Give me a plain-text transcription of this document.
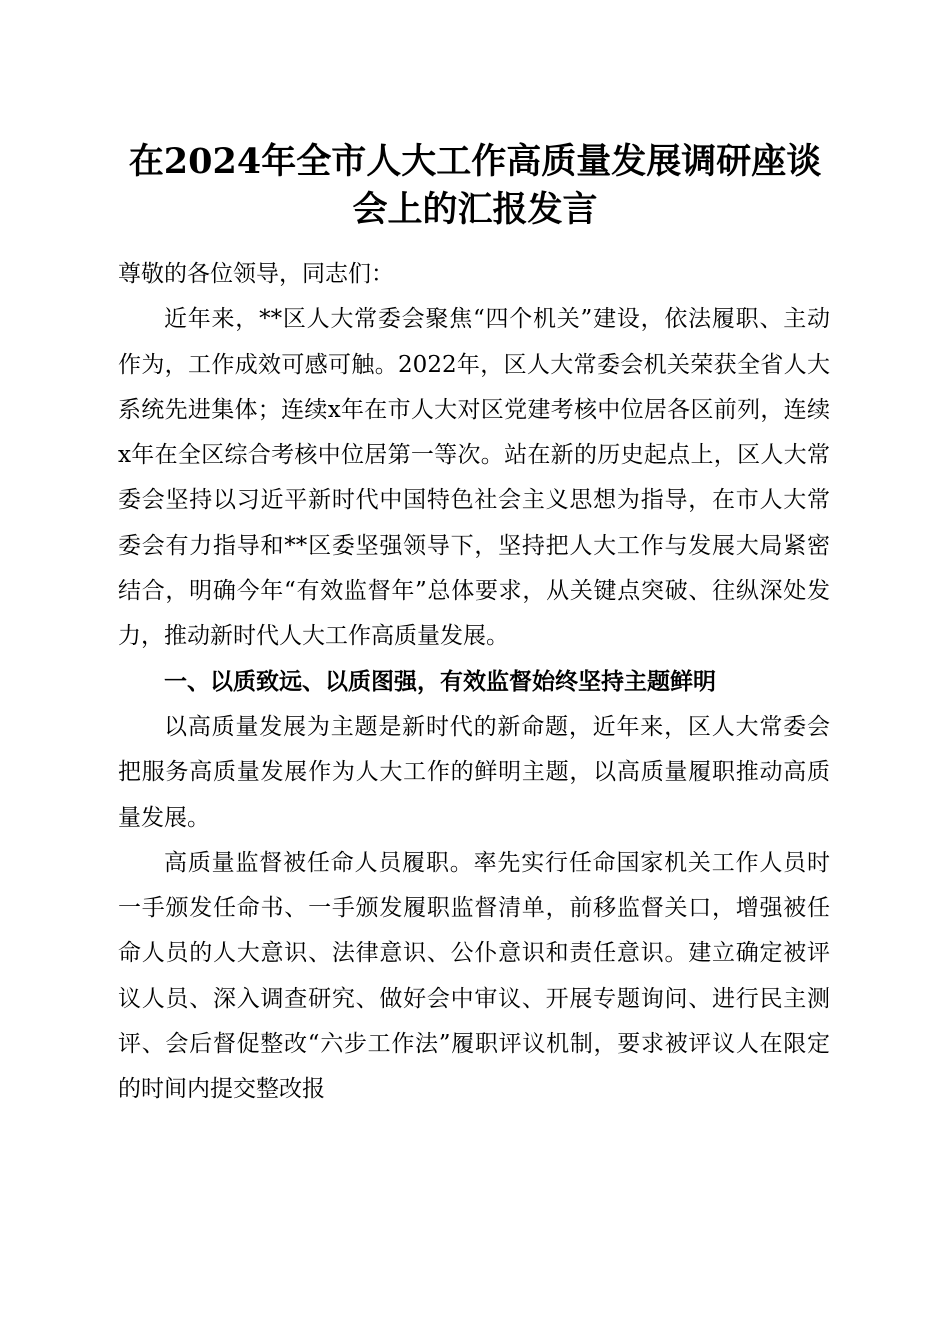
在2024年全市人大工作高质量发展调研座谈
会上的汇报发言

尊敬的各位领导，同志们：

近年来，**区人大常委会聚焦“四个机关”建设，依法履职、主动作为，工作成效可感可触。2022年，区人大常委会机关荣获全省人大系统先进集体；连续x年在市人大对区党建考核中位居各区前列，连续x年在全区综合考核中位居第一等次。站在新的历史起点上，区人大常委会坚持以习近平新时代中国特色社会主义思想为指导，在市人大常委会有力指导和**区委坚强领导下，坚持把人大工作与发展大局紧密结合，明确今年“有效监督年”总体要求，从关键点突破、往纵深处发力，推动新时代人大工作高质量发展。

一、以质致远、以质图强，有效监督始终坚持主题鲜明

以高质量发展为主题是新时代的新命题，近年来，区人大常委会把服务高质量发展作为人大工作的鲜明主题，以高质量履职推动高质量发展。

高质量监督被任命人员履职。率先实行任命国家机关工作人员时一手颁发任命书、一手颁发履职监督清单，前移监督关口，增强被任命人员的人大意识、法律意识、公仆意识和责任意识。建立确定被评议人员、深入调查研究、做好会中审议、开展专题询问、进行民主测评、会后督促整改“六步工作法”履职评议机制，要求被评议人在限定的时间内提交整改报
